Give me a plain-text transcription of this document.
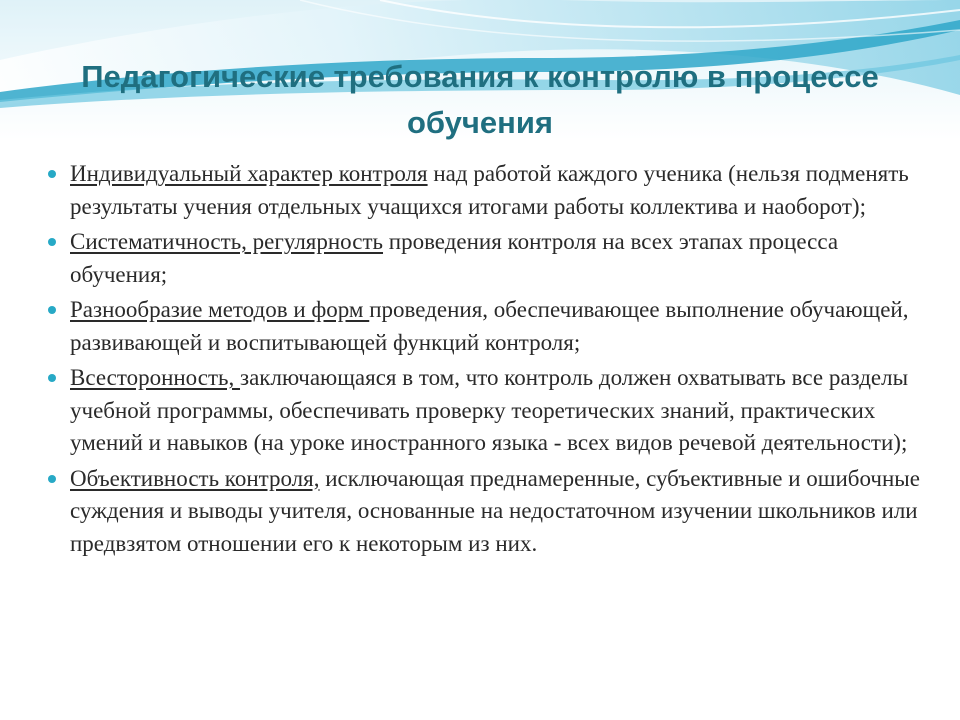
Педагогические требования к контролю в процессе обучения
Индивидуальный характер контроля над работой каждого ученика (нельзя подменять результаты учения отдельных учащихся итогами работы коллектива и наоборот);
Систематичность, регулярность проведения контроля на всех этапах процесса обучения;
Разнообразие методов и форм проведения, обеспечивающее выполнение обучающей, развивающей и воспитывающей функций контроля;
Всесторонность, заключающаяся в том, что контроль должен охватывать все разделы учебной программы, обеспечивать проверку теоретических знаний, практических умений и навыков (на уроке иностранного языка - всех видов речевой деятельности);
Объективность контроля, исключающая преднамеренные, субъективные и ошибочные суждения и выводы учителя, основанные на недостаточном изучении школьников или предвзятом отношении его к некоторым из них.
